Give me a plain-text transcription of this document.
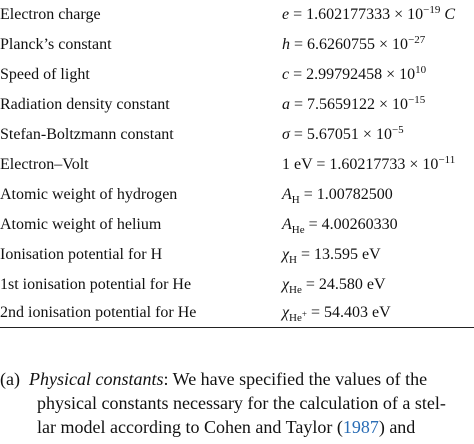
Electron charge	$e = 1.602177333 \times 10^{-19}$ C
Planck’s constant	$h = 6.6260755 \times 10^{-27}$
Speed of light	$c = 2.99792458 \times 10^{10}$
Radiation density constant	$a = 7.5659122 \times 10^{-15}$
Stefan-Boltzmann constant	$\sigma = 5.67051 \times 10^{-5}$
Electron–Volt	1 eV = $1.60217733 \times 10^{-11}$
Atomic weight of hydrogen	$A_H = 1.00782500$
Atomic weight of helium	$A_{He} = 4.00260330$
Ionisation potential for H	$\chi_H = 13.595$ eV
1st ionisation potential for He	$\chi_{He} = 24.580$ eV
2nd ionisation potential for He	$\chi_{He^+} = 54.403$ eV
(a) Physical constants: We have specified the values of the
physical constants necessary for the calculation of a stel-
lar model according to Cohen and Taylor (1987) and
